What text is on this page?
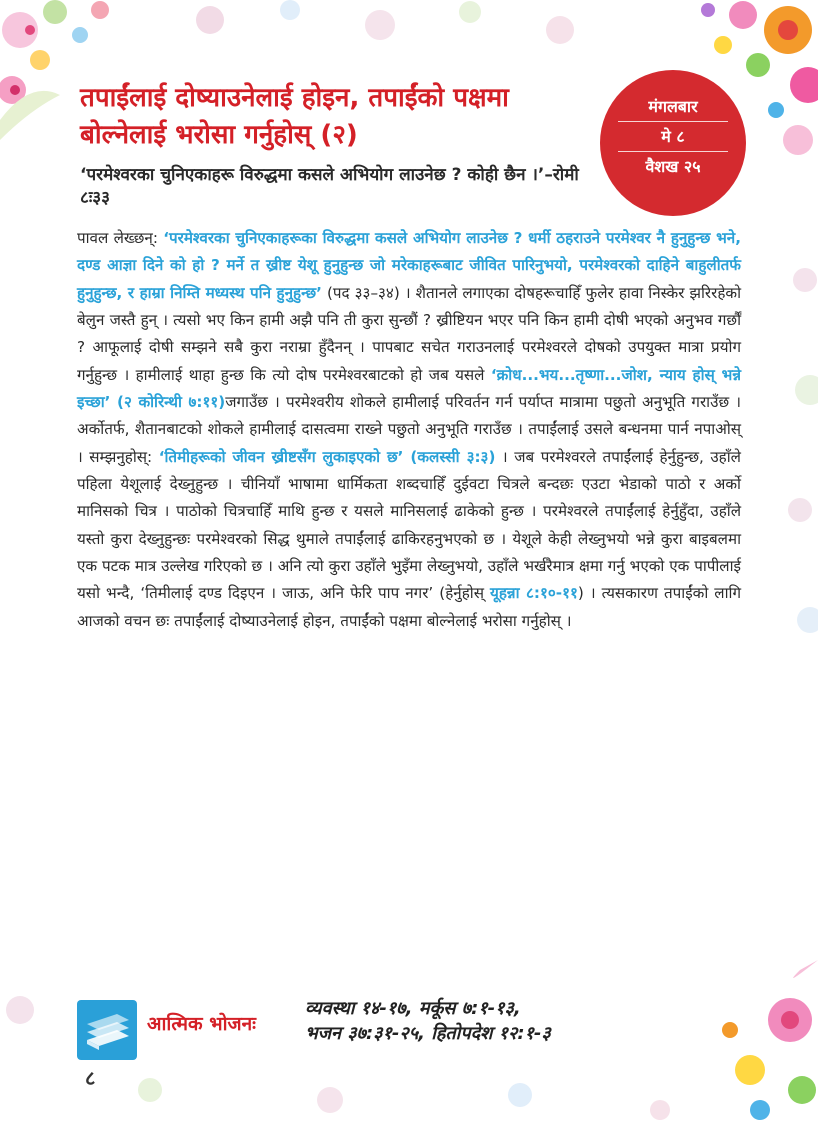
तपाईंलाई दोष्याउनेलाई होइन, तपाईंको पक्षमा बोल्नेलाई भरोसा गर्नुहोस् (२)

‘परमेश्वरका चुनिएकाहरू विरुद्धमा कसले अभियोग लाउनेछ ? कोही छैन ।’–रोमी ८ः३३

मंगलबार
मे ८
वैशख २५
पावल लेख्छन्: ‘परमेश्वरका चुनिएकाहरूका विरुद्धमा कसले अभियोग लाउनेछ ? धर्मी ठहराउने परमेश्वर नै हुनुहुन्छ भने, दण्ड आज्ञा दिने को हो ? मर्ने त ख्रीष्ट येशू हुनुहुन्छ जो मरेकाहरूबाट जीवित पारिनुभयो, परमेश्वरको दाहिने बाहुलीतर्फ हुनुहुन्छ, र हाम्रा निम्ति मध्यस्थ पनि हुनुहुन्छ’ (पद ३३–३४) । शैतानले लगाएका दोषहरूचाहिँ फुलेर हावा निस्केर झरिरहेको बेलुन जस्तै हुन् । त्यसो भए किन हामी अझै पनि ती कुरा सुन्छौं ? ख्रीष्टियन भएर पनि किन हामी दोषी भएको अनुभव गर्छौं ? आफूलाई दोषी सम्झने सबै कुरा नराम्रा हुँदैनन् । पापबाट सचेत गराउनलाई परमेश्वरले दोषको उपयुक्त मात्रा प्रयोग गर्नुहुन्छ । हामीलाई थाहा हुन्छ कि त्यो दोष परमेश्वरबाटको हो जब यसले ‘क्रोध...भय...तृष्णा...जोश, न्याय होस् भन्ने इच्छा’ (२ कोरिन्थी ७:११)जगाउँछ । परमेश्वरीय शोकले हामीलाई परिवर्तन गर्न पर्याप्त मात्रामा पछुतो अनुभूति गराउँछ । अर्कोतर्फ, शैतानबाटको शोकले हामीलाई दासत्वमा राख्ने पछुतो अनुभूति गराउँछ । तपाईंलाई उसले बन्धनमा पार्न नपाओस् । सम्झनुहोस्: ‘तिमीहरूको जीवन ख्रीष्टसँग लुकाइएको छ’ (कलस्सी ३:३) । जब परमेश्वरले तपाईंलाई हेर्नुहुन्छ, उहाँले पहिला येशूलाई देख्नुहुन्छ । चीनियाँ भाषामा धार्मिकता शब्दचाहिँ दुईवटा चित्रले बन्दछः एउटा भेडाको पाठो र अर्को मानिसको चित्र । पाठोको चित्रचाहिँ माथि हुन्छ र यसले मानिसलाई ढाकेको हुन्छ । परमेश्वरले तपाईंलाई हेर्नुहुँदा, उहाँले यस्तो कुरा देख्नुहुन्छः परमेश्वरको सिद्ध थुमाले तपाईंलाई ढाकिरहनुभएको छ । येशूले केही लेख्नुभयो भन्ने कुरा बाइबलमा एक पटक मात्र उल्लेख गरिएको छ । अनि त्यो कुरा उहाँले भुइँमा लेख्नुभयो, उहाँले भर्खरैमात्र क्षमा गर्नु भएको एक पापीलाई यसो भन्दै, ‘तिमीलाई दण्ड दिइएन । जाऊ, अनि फेरि पाप नगर’ (हेर्नुहोस् यूहन्ना ८:१०-११) । त्यसकारण तपाईंको लागि आजको वचन छः तपाईंलाई दोष्याउनेलाई होइन, तपाईंको पक्षमा बोल्नेलाई भरोसा गर्नुहोस् ।
आत्मिक भोजनः
व्यवस्था १४-१७, मर्कूस ७:१-१३,
भजन ३७:३१-२५, हितोपदेश १२:१-३
८
